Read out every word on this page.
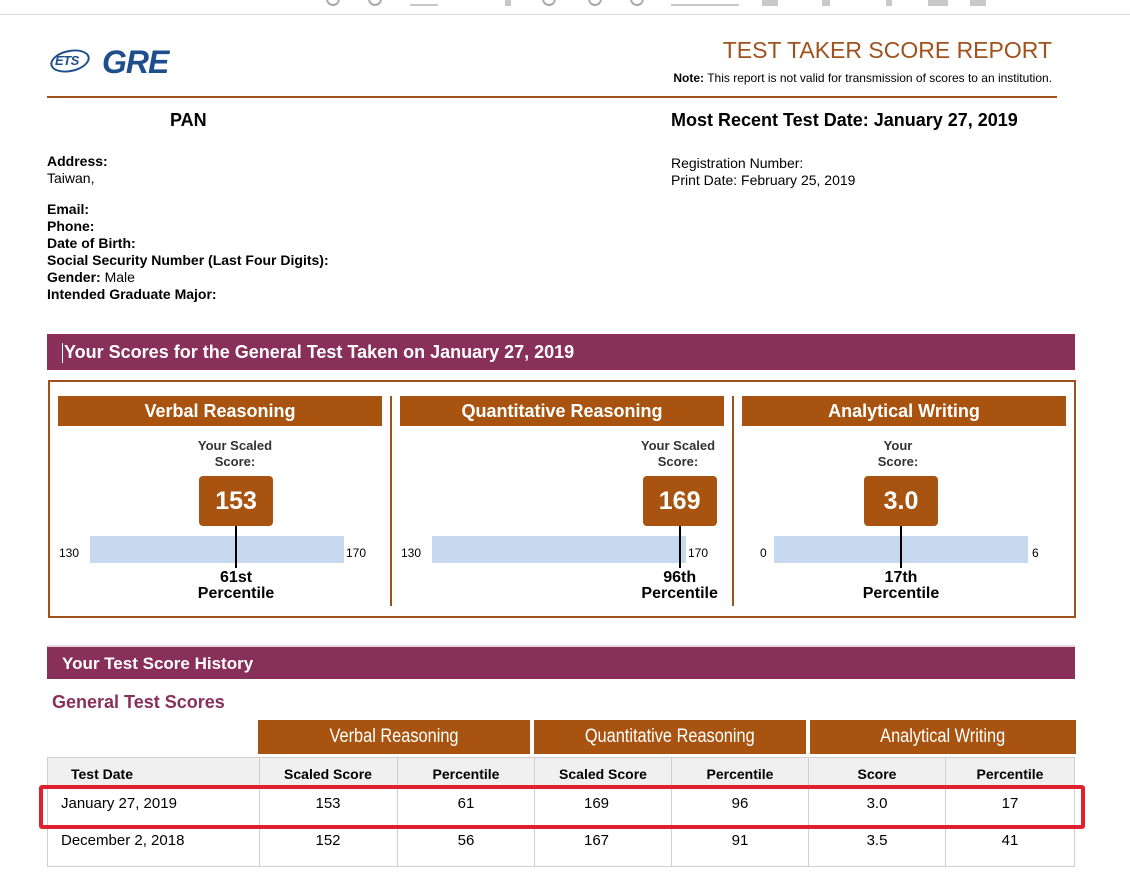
ETS GRE	TEST TAKER SCORE REPORT
Note: This report is not valid for transmission of scores to an institution.
PAN	Most Recent Test Date: January 27, 2019
Registration Number:
Print Date: February 25, 2019
Address:
Taiwan,
Email:
Phone:
Date of Birth:
Social Security Number (Last Four Digits):
Gender: Male
Intended Graduate Major:
Your Scores for the General Test Taken on January 27, 2019
Verbal Reasoning
Your Scaled
Score:
153
130	170
61st
Percentile
Quantitative Reasoning
Your Scaled
Score:
169
130	170
96th
Percentile
Analytical Writing
Your
Score:
3.0
0	6
17th
Percentile
Your Test Score History
General Test Scores
Verbal Reasoning	Quantitative Reasoning	Analytical Writing
Test Date	Scaled Score	Percentile	Scaled Score	Percentile	Score	Percentile
January 27, 2019	153	61	169	96	3.0	17
December 2, 2018	152	56	167	91	3.5	41
